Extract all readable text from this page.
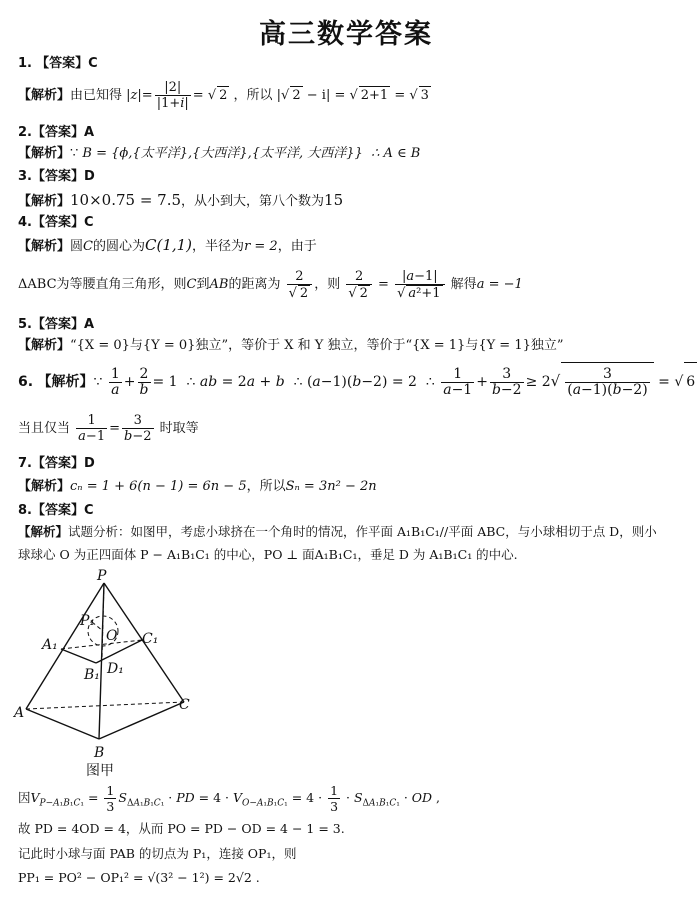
高三数学答案
1. 【答案】C
【解析】由已知得 $|z|= \frac{|2|}{|1+i|}$ = √ 2 ，所以 |√ 2 − i| = √ 2+1 = √ 3
2.【答案】A
【解析】∵ B = {ϕ,{太平洋},{大西洋},{太平洋, 大西洋}} ∴ A ∈ B
3.【答案】D
【解析】10×0.75 = 7.5，从小到大，第八个数为15
4.【答案】C
【解析】圆C的圆心为C(1,1)，半径为r = 2，由于
ΔABC为等腰直角三角形，则C到AB的距离为 $\frac{2}{√ 2}$ ，则 $\frac{2}{√ 2} = \frac{|a-1|}{\text{√ a²+1}}$ 解得a = −1
5.【答案】A
【解析】“{X = 0}与{Y = 0}独立”，等价于 X 和 Y 独立，等价于“{X = 1}与{Y = 1}独立”
6. 【解析】∵ $\frac{1}{a} + \frac{2}{b} = 1$  ∴ ab = 2a + b  ∴ (a−1)(b−2) = 2  ∴ $\frac{1}{a-1} + \frac{3}{b-2} \ge 2√ \frac{3}{(a-1)(b-2)}$ = √ 6
当且仅当 $\frac{1}{a-1} = \frac{3}{b-2}$ 时取等
7.【答案】D
【解析】cₙ = 1 + 6(n − 1) = 6n − 5，所以Sₙ = 3n² − 2n
8.【答案】C
【解析】试题分析：如图甲，考虑小球挤在一个角时的情况，作平面 A₁B₁C₁//平面 ABC，与小球相切于点 D，则小
球球心 O 为正四面体 P − A₁B₁C₁ 的中心，PO ⊥ 面A₁B₁C₁，垂足 D 为 A₁B₁C₁ 的中心.
P
P₁
O
A₁	C₁
B₁ D₁
A	C
B
图甲
因$V_{P-A_1B_1C_1} = \frac{1}{3} S_{\Delta A_1B_1C_1}$ · PD = $4 \cdot V_{O-A_1B_1C_1} = 4 \cdot \frac{1}{3} \cdot S_{\Delta A_1B_1C_1}$ · OD ,
故 PD = 4OD = 4，从而 PO = PD − OD = 4 − 1 = 3.
记此时小球与面 PAB 的切点为 P₁，连接 OP₁，则
PP₁ = PO² − OP₁² = √(3² − 1²) = 2√2 .
